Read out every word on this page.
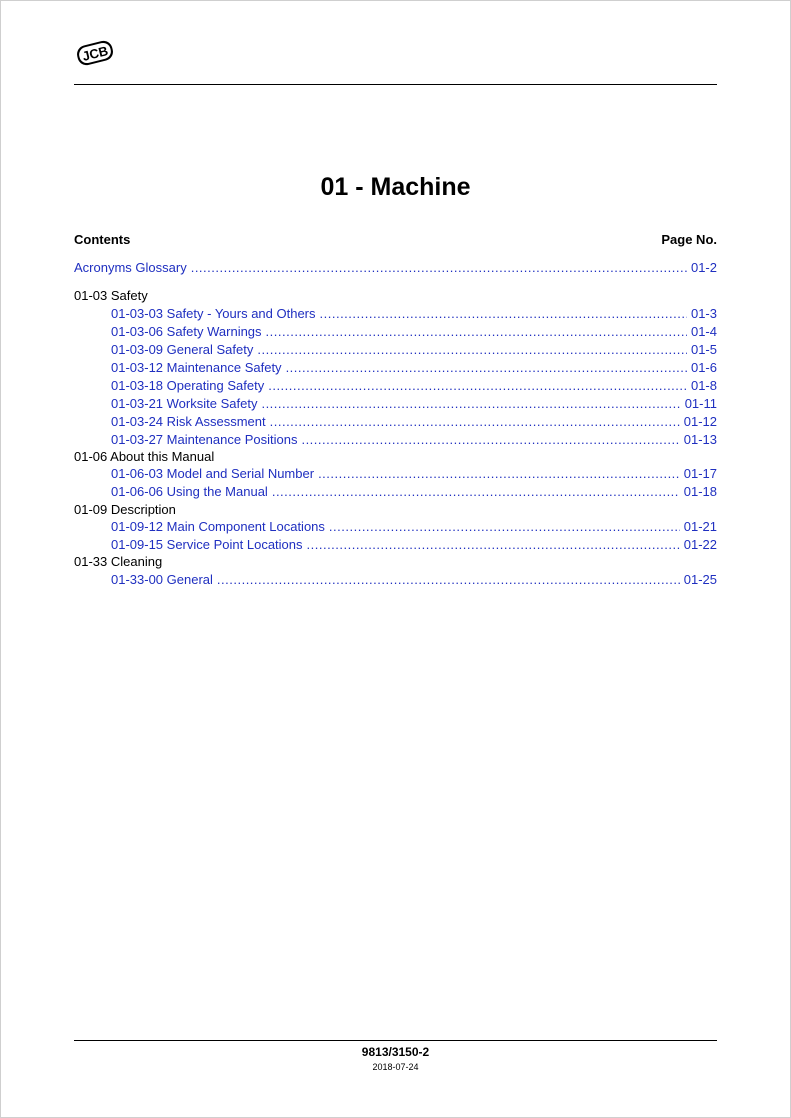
JCB
01 - Machine
Contents	Page No.
Acronyms Glossary .....	01-2
01-03 Safety
01-03-03 Safety - Yours and Others .....	01-3
01-03-06 Safety Warnings .....	01-4
01-03-09 General Safety .....	01-5
01-03-12 Maintenance Safety .....	01-6
01-03-18 Operating Safety .....	01-8
01-03-21 Worksite Safety .....	01-11
01-03-24 Risk Assessment .....	01-12
01-03-27 Maintenance Positions .....	01-13
01-06 About this Manual
01-06-03 Model and Serial Number .....	01-17
01-06-06 Using the Manual .....	01-18
01-09 Description
01-09-12 Main Component Locations .....	01-21
01-09-15 Service Point Locations .....	01-22
01-33 Cleaning
01-33-00 General .....	01-25
9813/3150-2
2018-07-24
